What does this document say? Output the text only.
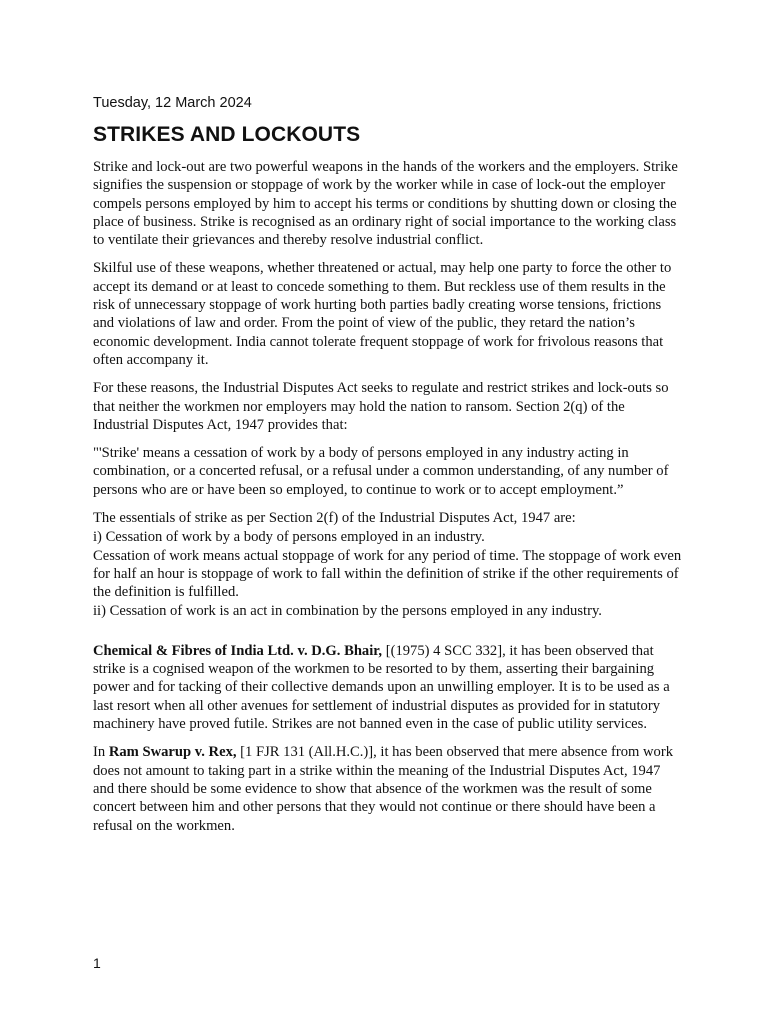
Tuesday, 12 March 2024

STRIKES AND LOCKOUTS

Strike and lock-out are two powerful weapons in the hands of the workers and the employers. Strike signifies the suspension or stoppage of work by the worker while in case of lock-out the employer compels persons employed by him to accept his terms or conditions by shutting down or closing the place of business. Strike is recognised as an ordinary right of social importance to the working class to ventilate their grievances and thereby resolve industrial conflict.

Skilful use of these weapons, whether threatened or actual, may help one party to force the other to accept its demand or at least to concede something to them. But reckless use of them results in the risk of unnecessary stoppage of work hurting both parties badly creating worse tensions, frictions and violations of law and order. From the point of view of the public, they retard the nation’s economic development. India cannot tolerate frequent stoppage of work for frivolous reasons that often accompany it.

For these reasons, the Industrial Disputes Act seeks to regulate and restrict strikes and lock-outs so that neither the workmen nor employers may hold the nation to ransom. Section 2(q) of the Industrial Disputes Act, 1947 provides that:

"'Strike' means a cessation of work by a body of persons employed in any industry acting in combination, or a concerted refusal, or a refusal under a common understanding, of any number of persons who are or have been so employed, to continue to work or to accept employment.”

The essentials of strike as per Section 2(f) of the Industrial Disputes Act, 1947 are:

i) Cessation of work by a body of persons employed in an industry.

Cessation of work means actual stoppage of work for any period of time. The stoppage of work even for half an hour is stoppage of work to fall within the definition of strike if the other requirements of the definition is fulfilled.

ii) Cessation of work is an act in combination by the persons employed in any industry.

Chemical & Fibres of India Ltd. v. D.G. Bhair, [(1975) 4 SCC 332], it has been observed that strike is a cognised weapon of the workmen to be resorted to by them, asserting their bargaining power and for tacking of their collective demands upon an unwilling employer. It is to be used as a last resort when all other avenues for settlement of industrial disputes as provided for in statutory machinery have proved futile. Strikes are not banned even in the case of public utility services.

In Ram Swarup v. Rex, [1 FJR 131 (All.H.C.)], it has been observed that mere absence from work does not amount to taking part in a strike within the meaning of the Industrial Disputes Act, 1947 and there should be some evidence to show that absence of the workmen was the result of some concert between him and other persons that they would not continue or there should have been a refusal on the workmen.

1
